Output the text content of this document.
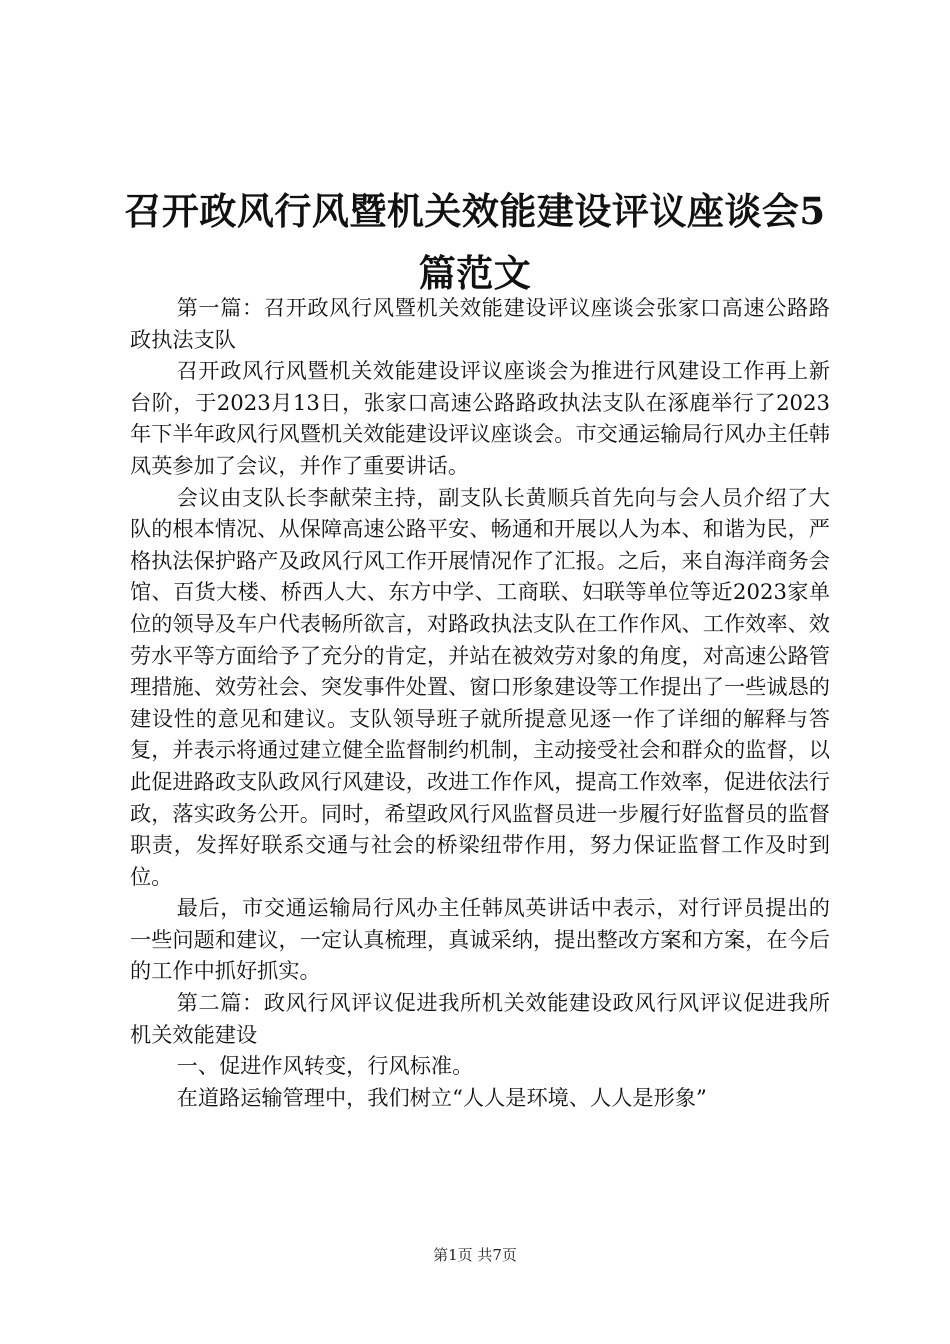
召开政风行风暨机关效能建设评议座谈会5篇范文

第一篇：召开政风行风暨机关效能建设评议座谈会张家口高速公路路政执法支队

召开政风行风暨机关效能建设评议座谈会为推进行风建设工作再上新台阶，于2023月13日，张家口高速公路路政执法支队在涿鹿举行了2023年下半年政风行风暨机关效能建设评议座谈会。市交通运输局行风办主任韩凤英参加了会议，并作了重要讲话。

会议由支队长李献荣主持，副支队长黄顺兵首先向与会人员介绍了大队的根本情况、从保障高速公路平安、畅通和开展以人为本、和谐为民，严格执法保护路产及政风行风工作开展情况作了汇报。之后，来自海洋商务会馆、百货大楼、桥西人大、东方中学、工商联、妇联等单位等近2023家单位的领导及车户代表畅所欲言，对路政执法支队在工作作风、工作效率、效劳水平等方面给予了充分的肯定，并站在被效劳对象的角度，对高速公路管理措施、效劳社会、突发事件处置、窗口形象建设等工作提出了一些诚恳的建设性的意见和建议。支队领导班子就所提意见逐一作了详细的解释与答复，并表示将通过建立健全监督制约机制，主动接受社会和群众的监督，以此促进路政支队政风行风建设，改进工作作风，提高工作效率，促进依法行政，落实政务公开。同时，希望政风行风监督员进一步履行好监督员的监督职责，发挥好联系交通与社会的桥梁纽带作用，努力保证监督工作及时到位。

最后，市交通运输局行风办主任韩凤英讲话中表示，对行评员提出的一些问题和建议，一定认真梳理，真诚采纳，提出整改方案和方案，在今后的工作中抓好抓实。

第二篇：政风行风评议促进我所机关效能建设政风行风评议促进我所机关效能建设

一、促进作风转变，行风标准。

在道路运输管理中，我们树立“人人是环境、人人是形象”

第1页 共7页
